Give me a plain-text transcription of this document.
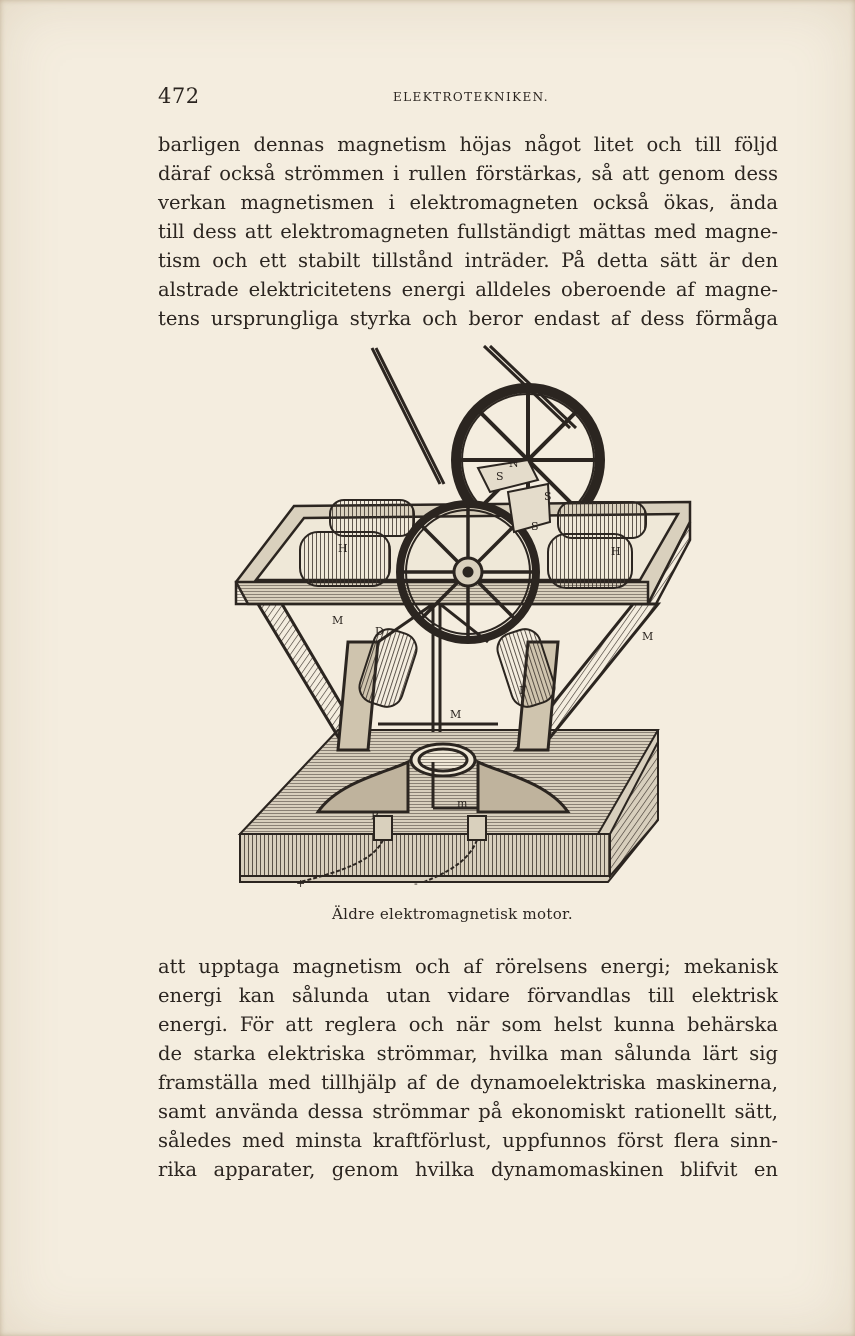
472	ELEKTROTEKNIKEN.
barligen dennas magnetism höjas något litet och till följd
däraf också strömmen i rullen förstärkas, så att genom dess
verkan magnetismen i elektromagneten också ökas, ända
till dess att elektromagneten fullständigt mättas med magne-
tism och ett stabilt tillstånd inträder. På detta sätt är den
alstrade elektricitetens energi alldeles oberoende af magne-
tens ursprungliga styrka och beror endast af dess förmåga
N
S
S
S
H	H
M
M
M
D
F
P
m
+	-
Äldre elektromagnetisk motor.
att upptaga magnetism och af rörelsens energi; mekanisk
energi kan sålunda utan vidare förvandlas till elektrisk
energi. För att reglera och när som helst kunna behärska
de starka elektriska strömmar, hvilka man sålunda lärt sig
framställa med tillhjälp af de dynamoelektriska maskinerna,
samt använda dessa strömmar på ekonomiskt rationellt sätt,
således med minsta kraftförlust, uppfunnos först flera sinn-
rika apparater, genom hvilka dynamomaskinen blifvit en
